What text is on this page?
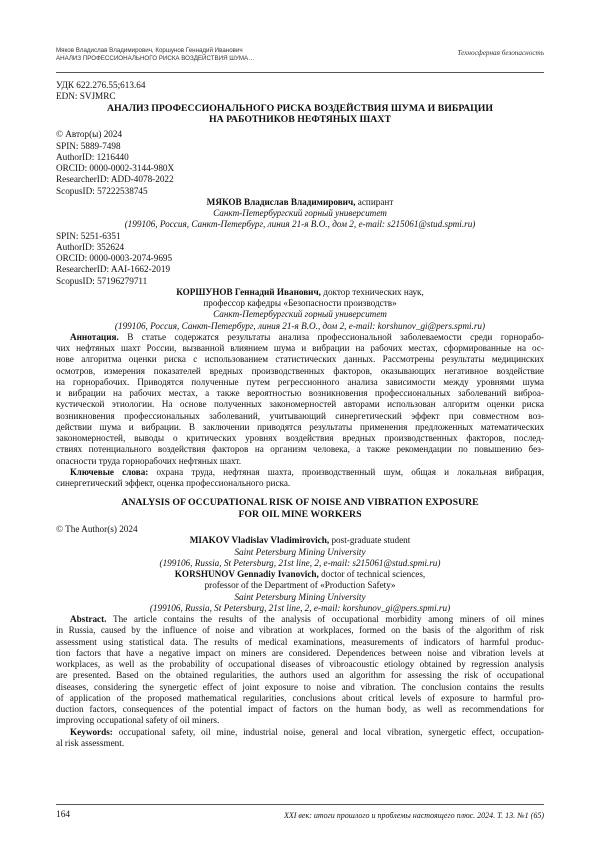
Мяков Владислав Владимирович, Коршунов Геннадий Иванович
АНАЛИЗ ПРОФЕССИОНАЛЬНОГО РИСКА ВОЗДЕЙСТВИЯ ШУМА…
Техносферная безопасность
УДК 622.276.55;613.64
EDN: SVJMRC
АНАЛИЗ ПРОФЕССИОНАЛЬНОГО РИСКА ВОЗДЕЙСТВИЯ ШУМА И ВИБРАЦИИ
НА РАБОТНИКОВ НЕФТЯНЫХ ШАХТ
© Автор(ы) 2024
SPIN: 5889-7498
AuthorID: 1216440
ORCID: 0000-0002-3144-980X
ResearcherID: ADD-4078-2022
ScopusID: 57222538745
МЯКОВ Владислав Владимирович, аспирант
Санкт-Петербургский горный университет
(199106, Россия, Санкт-Петербург, линия 21-я В.О., дом 2, e-mail: s215061@stud.spmi.ru)
SPIN: 5251-6351
AuthorID: 352624
ORCID: 0000-0003-2074-9695
ResearcherID: AAI-1662-2019
ScopusID: 57196279711
КОРШУНОВ Геннадий Иванович, доктор технических наук,
профессор кафедры «Безопасности производств»
Санкт-Петербургский горный университет
(199106, Россия, Санкт-Петербург, линия 21-я В.О., дом 2, e-mail: korshunov_gi@pers.spmi.ru)
Аннотация. В статье содержатся результаты анализа профессиональной заболеваемости среди горнорабо-
чих нефтяных шахт России, вызванной влиянием шума и вибрации на рабочих местах, сформированные на ос-
нове алгоритма оценки риска с использованием статистических данных. Рассмотрены результаты медицинских
осмотров, измерения показателей вредных производственных факторов, оказывающих негативное воздействие
на горнорабочих. Приводятся полученные путем регрессионного анализа зависимости между уровнями шума
и вибрации на рабочих местах, а также вероятностью возникновения профессиональных заболеваний виброа-
кустической этиологии. На основе полученных закономерностей авторами использован алгоритм оценки риска
возникновения профессиональных заболеваний, учитывающий синергетический эффект при совместном воз-
действии шума и вибрации. В заключении приводятся результаты применения предложенных математических
закономерностей, выводы о критических уровнях воздействия вредных производственных факторов, послед-
ствиях потенциального воздействия факторов на организм человека, а также рекомендации по повышению без-
опасности труда горнорабочих нефтяных шахт.
Ключевые слова: охрана труда, нефтяная шахта, производственный шум, общая и локальная вибрация,
синергетический эффект, оценка профессионального риска.
ANALYSIS OF OCCUPATIONAL RISK OF NOISE AND VIBRATION EXPOSURE
FOR OIL MINE WORKERS
© The Author(s) 2024
MIAKOV Vladislav Vladimirovich, post-graduate student
Saint Petersburg Mining University
(199106, Russia, St Petersburg, 21st line, 2, e-mail: s215061@stud.spmi.ru)
KORSHUNOV Gennadiy Ivanovich, doctor of technical sciences,
professor of the Department of «Production Safety»
Saint Petersburg Mining University
(199106, Russia, St Petersburg, 21st line, 2, e-mail: korshunov_gi@pers.spmi.ru)
Abstract. The article contains the results of the analysis of occupational morbidity among miners of oil mines
in Russia, caused by the influence of noise and vibration at workplaces, formed on the basis of the algorithm of risk
assessment using statistical data. The results of medical examinations, measurements of indicators of harmful produc-
tion factors that have a negative impact on miners are considered. Dependences between noise and vibration levels at
workplaces, as well as the probability of occupational diseases of vibroacoustic etiology obtained by regression analysis
are presented. Based on the obtained regularities, the authors used an algorithm for assessing the risk of occupational
diseases, considering the synergetic effect of joint exposure to noise and vibration. The conclusion contains the results
of application of the proposed mathematical regularities, conclusions about critical levels of exposure to harmful pro-
duction factors, consequences of the potential impact of factors on the human body, as well as recommendations for
improving occupational safety of oil miners.
Keywords: occupational safety, oil mine, industrial noise, general and local vibration, synergetic effect, occupation-
al risk assessment.
164	XXI век: итоги прошлого и проблемы настоящего плюс. 2024. Т. 13. №1 (65)
